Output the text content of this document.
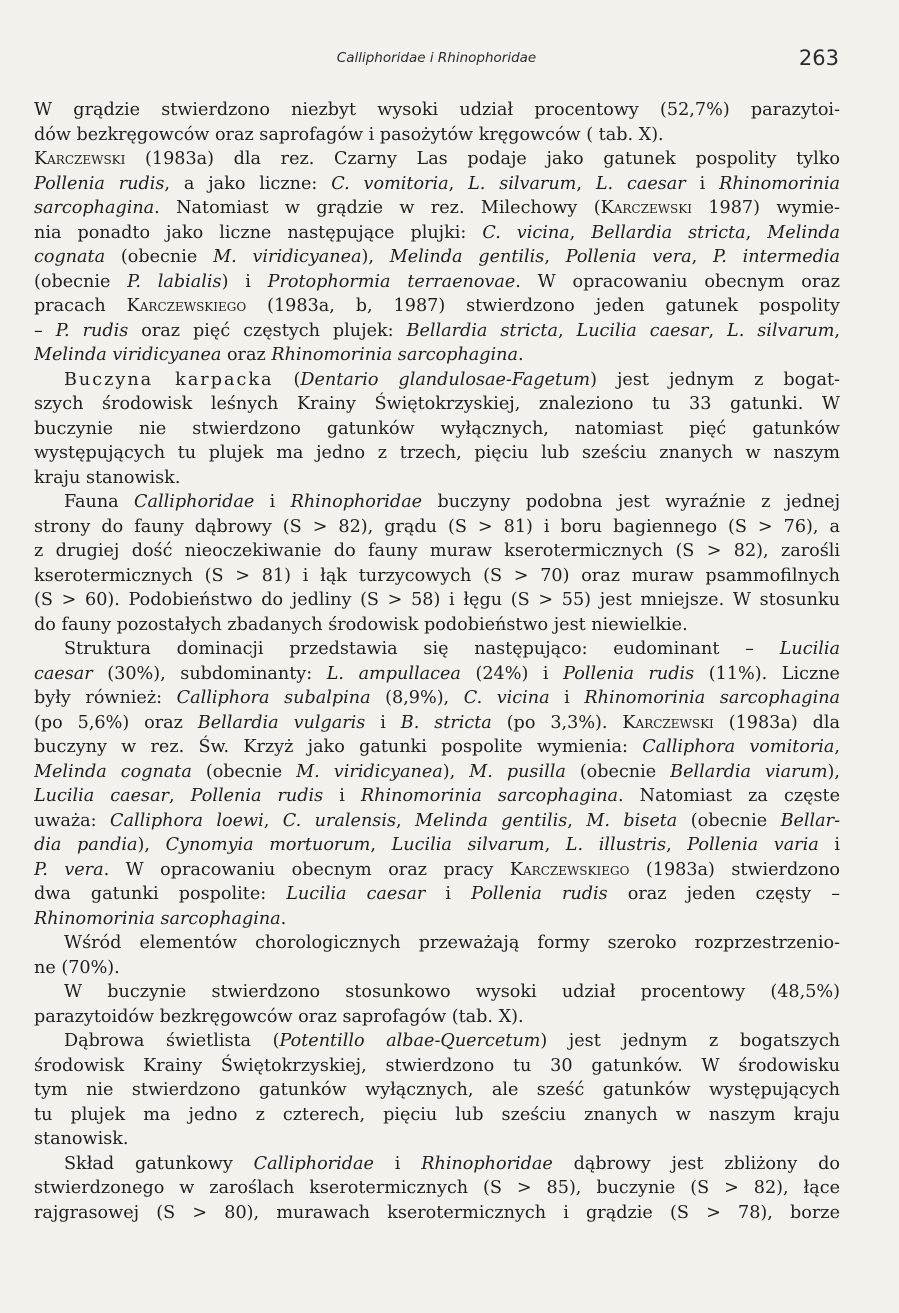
Calliphoridae i Rhinophoridae	263
W grądzie stwierdzono niezbyt wysoki udział procentowy (52,7%) parazytoi-
dów bezkręgowców oraz saprofagów i pasożytów kręgowców ( tab. X).
Karczewski (1983a) dla rez. Czarny Las podaje jako gatunek pospolity tylko
Pollenia rudis, a jako liczne: C. vomitoria, L. silvarum, L. caesar i Rhinomorinia
sarcophagina. Natomiast w grądzie w rez. Milechowy (Karczewski 1987) wymie-
nia ponadto jako liczne następujące plujki: C. vicina, Bellardia stricta, Melinda
cognata (obecnie M. viridicyanea), Melinda gentilis, Pollenia vera, P. intermedia
(obecnie P. labialis) i Protophormia terraenovae. W opracowaniu obecnym oraz
pracach Karczewskiego (1983a, b, 1987) stwierdzono jeden gatunek pospolity
– P. rudis oraz pięć częstych plujek: Bellardia stricta, Lucilia caesar, L. silvarum,
Melinda viridicyanea oraz Rhinomorinia sarcophagina.
Buczyna karpacka (Dentario glandulosae-Fagetum) jest jednym z bogat-
szych środowisk leśnych Krainy Świętokrzyskiej, znaleziono tu 33 gatunki. W
buczynie nie stwierdzono gatunków wyłącznych, natomiast pięć gatunków
występujących tu plujek ma jedno z trzech, pięciu lub sześciu znanych w naszym
kraju stanowisk.
Fauna Calliphoridae i Rhinophoridae buczyny podobna jest wyraźnie z jednej
strony do fauny dąbrowy (S > 82), grądu (S > 81) i boru bagiennego (S > 76), a
z drugiej dość nieoczekiwanie do fauny muraw kserotermicznych (S > 82), zarośli
kserotermicznych (S > 81) i łąk turzycowych (S > 70) oraz muraw psammofilnych
(S > 60). Podobieństwo do jedliny (S > 58) i łęgu (S > 55) jest mniejsze. W stosunku
do fauny pozostałych zbadanych środowisk podobieństwo jest niewielkie.
Struktura dominacji przedstawia się następująco: eudominant – Lucilia
caesar (30%), subdominanty: L. ampullacea (24%) i Pollenia rudis (11%). Liczne
były również: Calliphora subalpina (8,9%), C. vicina i Rhinomorinia sarcophagina
(po 5,6%) oraz Bellardia vulgaris i B. stricta (po 3,3%). Karczewski (1983a) dla
buczyny w rez. Św. Krzyż jako gatunki pospolite wymienia: Calliphora vomitoria,
Melinda cognata (obecnie M. viridicyanea), M. pusilla (obecnie Bellardia viarum),
Lucilia caesar, Pollenia rudis i Rhinomorinia sarcophagina. Natomiast za częste
uważa: Calliphora loewi, C. uralensis, Melinda gentilis, M. biseta (obecnie Bellar-
dia pandia), Cynomyia mortuorum, Lucilia silvarum, L. illustris, Pollenia varia i
P. vera. W opracowaniu obecnym oraz pracy Karczewskiego (1983a) stwierdzono
dwa gatunki pospolite: Lucilia caesar i Pollenia rudis oraz jeden częsty –
Rhinomorinia sarcophagina.
Wśród elementów chorologicznych przeważają formy szeroko rozprzestrzenio-
ne (70%).
W buczynie stwierdzono stosunkowo wysoki udział procentowy (48,5%)
parazytoidów bezkręgowców oraz saprofagów (tab. X).
Dąbrowa świetlista (Potentillo albae-Quercetum) jest jednym z bogatszych
środowisk Krainy Świętokrzyskiej, stwierdzono tu 30 gatunków. W środowisku
tym nie stwierdzono gatunków wyłącznych, ale sześć gatunków występujących
tu plujek ma jedno z czterech, pięciu lub sześciu znanych w naszym kraju
stanowisk.
Skład gatunkowy Calliphoridae i Rhinophoridae dąbrowy jest zbliżony do
stwierdzonego w zaroślach kserotermicznych (S > 85), buczynie (S > 82), łące
rajgrasowej (S > 80), murawach kserotermicznych i grądzie (S > 78), borze
